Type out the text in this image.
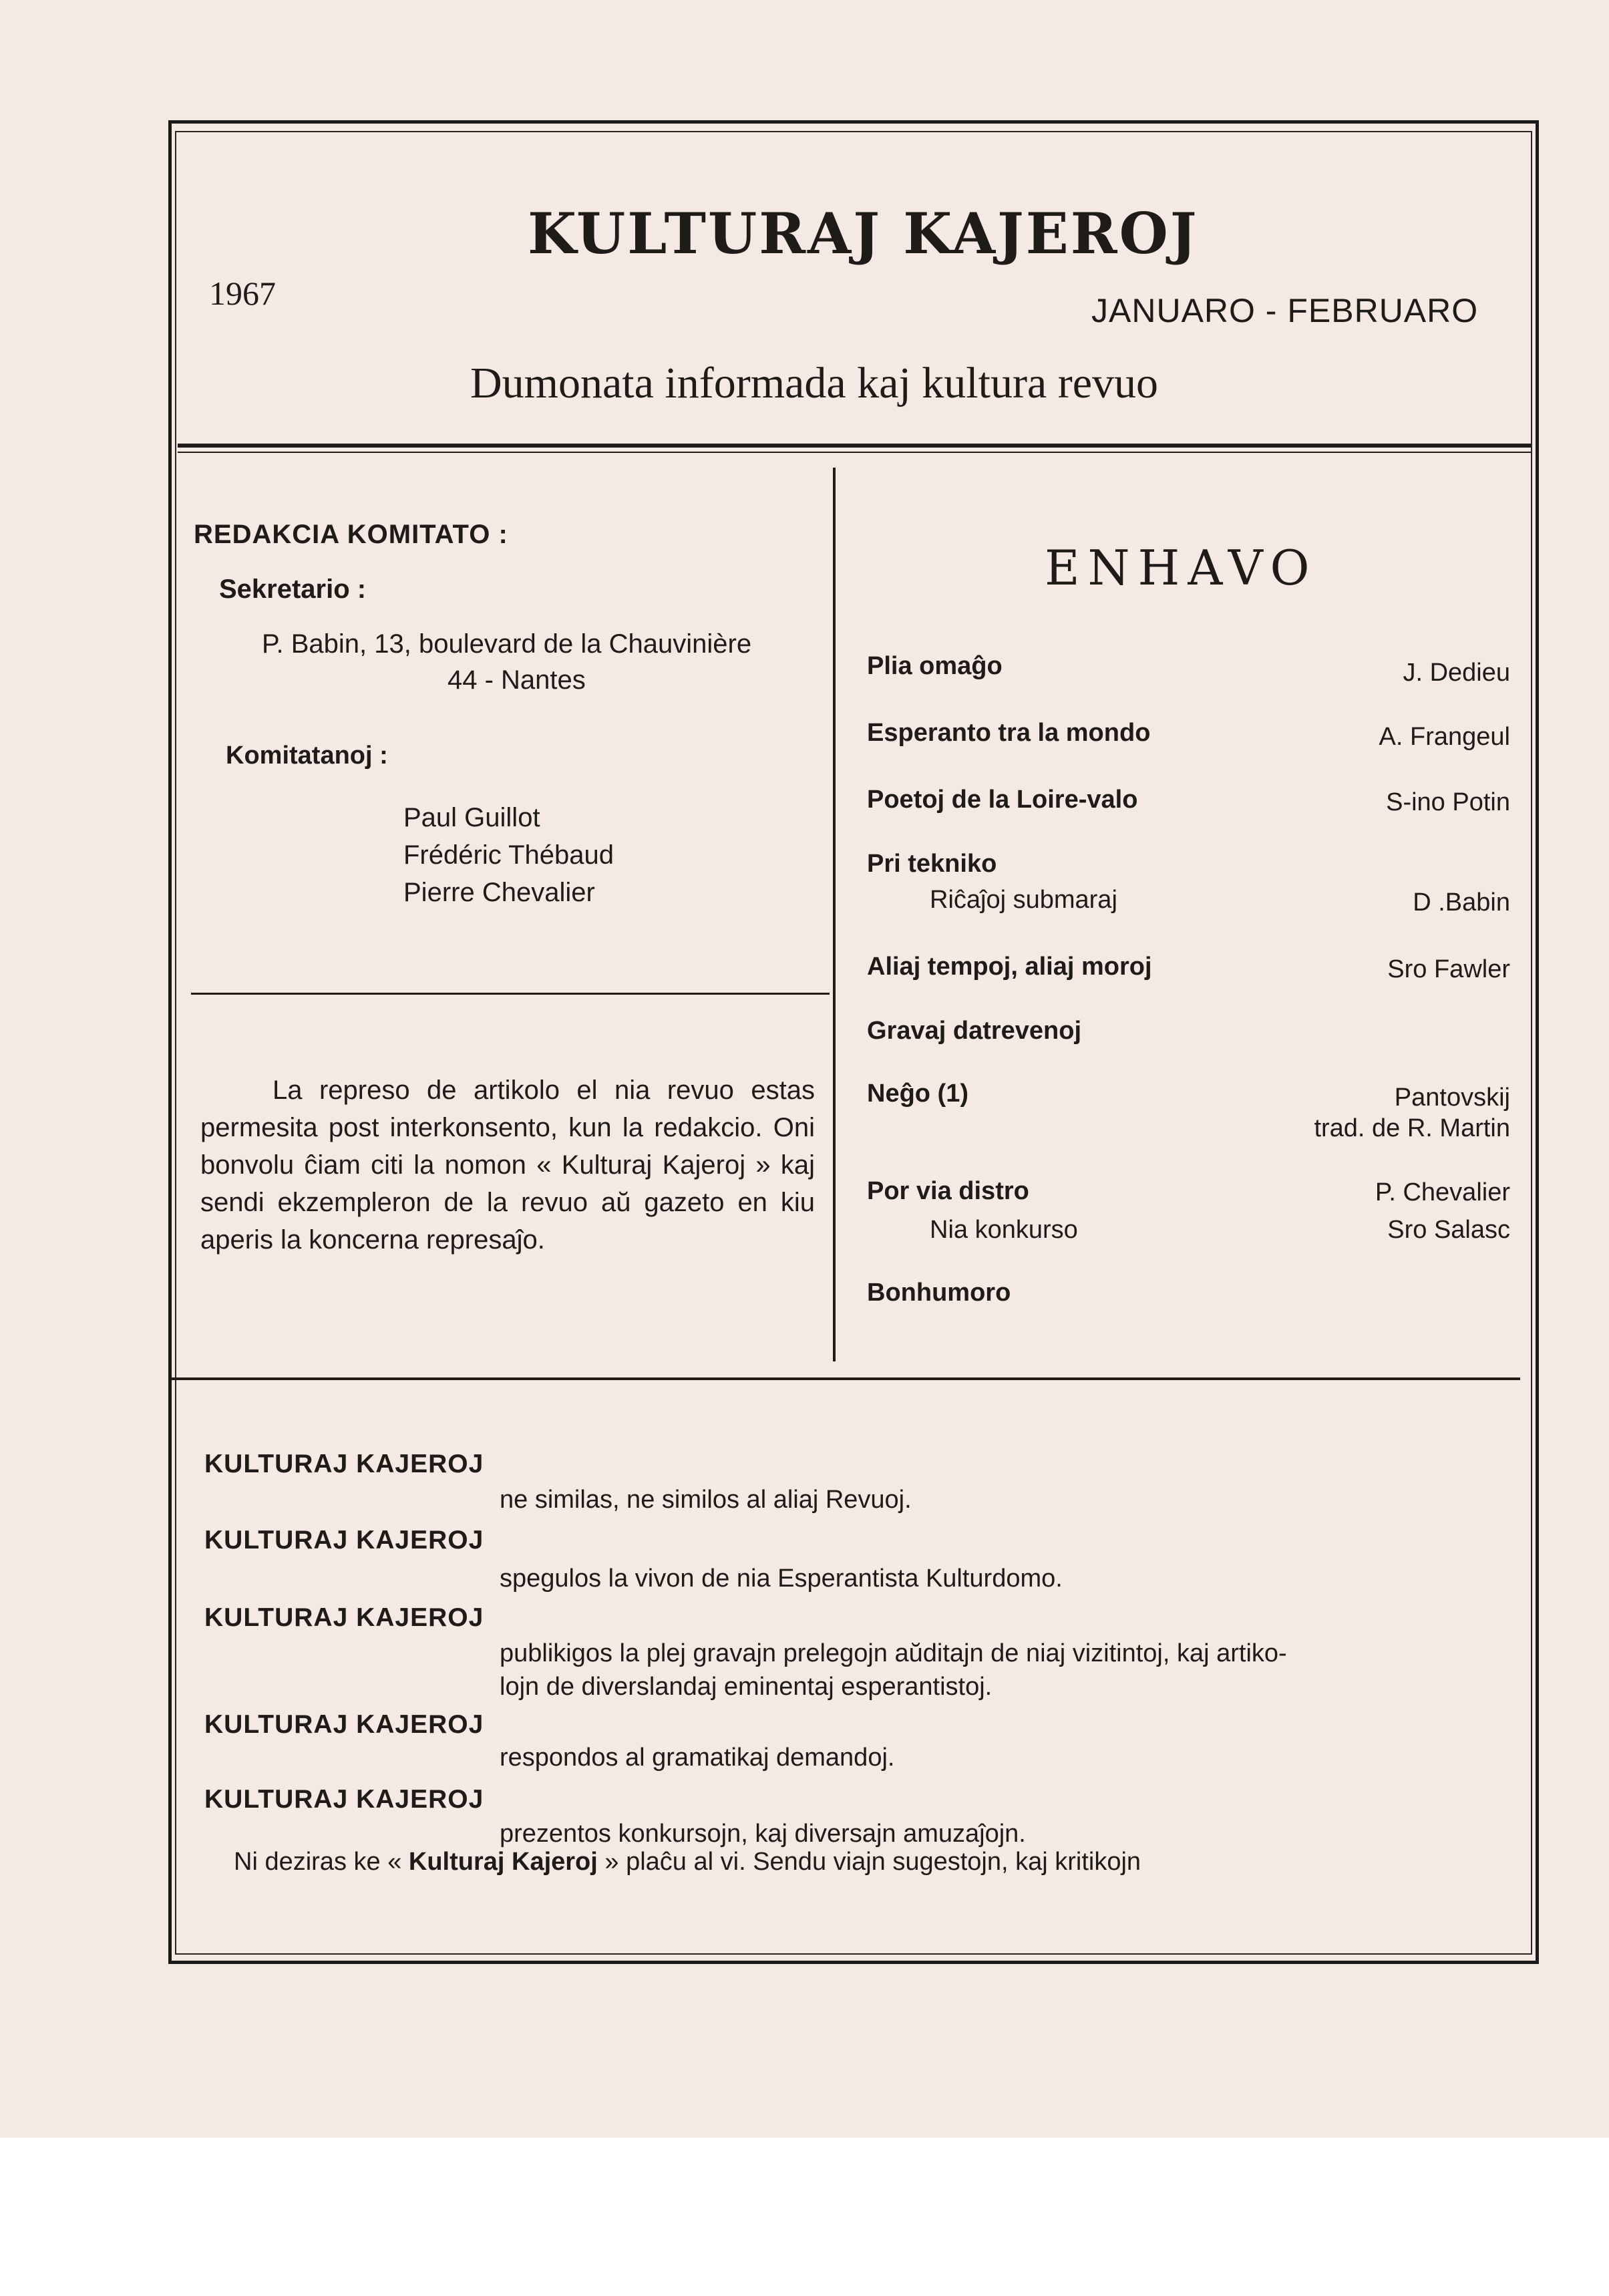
KULTURAJ KAJEROJ
1967	JANUARO - FEBRUARO
Dumonata informada kaj kultura revuo
REDAKCIA KOMITATO :
Sekretario :
P. Babin, 13, boulevard de la Chauvinière
44 - Nantes
Komitatanoj :
Paul Guillot
Frédéric Thébaud
Pierre Chevalier
La represo de artikolo el nia revuo estas permesita post interkonsento, kun la redakcio. Oni bonvolu ĉiam citi la nomon « Kulturaj Kajeroj » kaj sendi ekzempleron de la revuo aŭ gazeto en kiu aperis la koncerna represaĵo.
ENHAVO
Plia omaĝo	J. Dedieu
Esperanto tra la mondo	A. Frangeul
Poetoj de la Loire-valo	S-ino Potin
Pri tekniko
Riĉaĵoj submaraj	D .Babin
Aliaj tempoj, aliaj moroj	Sro Fawler
Gravaj datrevenoj
Neĝo (1)	Pantovskij
trad. de R. Martin
Por via distro	P. Chevalier
Nia konkurso	Sro Salasc
Bonhumoro
KULTURAJ KAJEROJ
ne similas, ne similos al aliaj Revuoj.
KULTURAJ KAJEROJ
spegulos la vivon de nia Esperantista Kulturdomo.
KULTURAJ KAJEROJ
publikigos la plej gravajn prelegojn aŭditajn de niaj vizitintoj, kaj artiko-
lojn de diverslandaj eminentaj esperantistoj.
KULTURAJ KAJEROJ
respondos al gramatikaj demandoj.
KULTURAJ KAJEROJ
prezentos konkursojn, kaj diversajn amuzaĵojn.
Ni deziras ke « Kulturaj Kajeroj » plaĉu al vi. Sendu viajn sugestojn, kaj kritikojn
